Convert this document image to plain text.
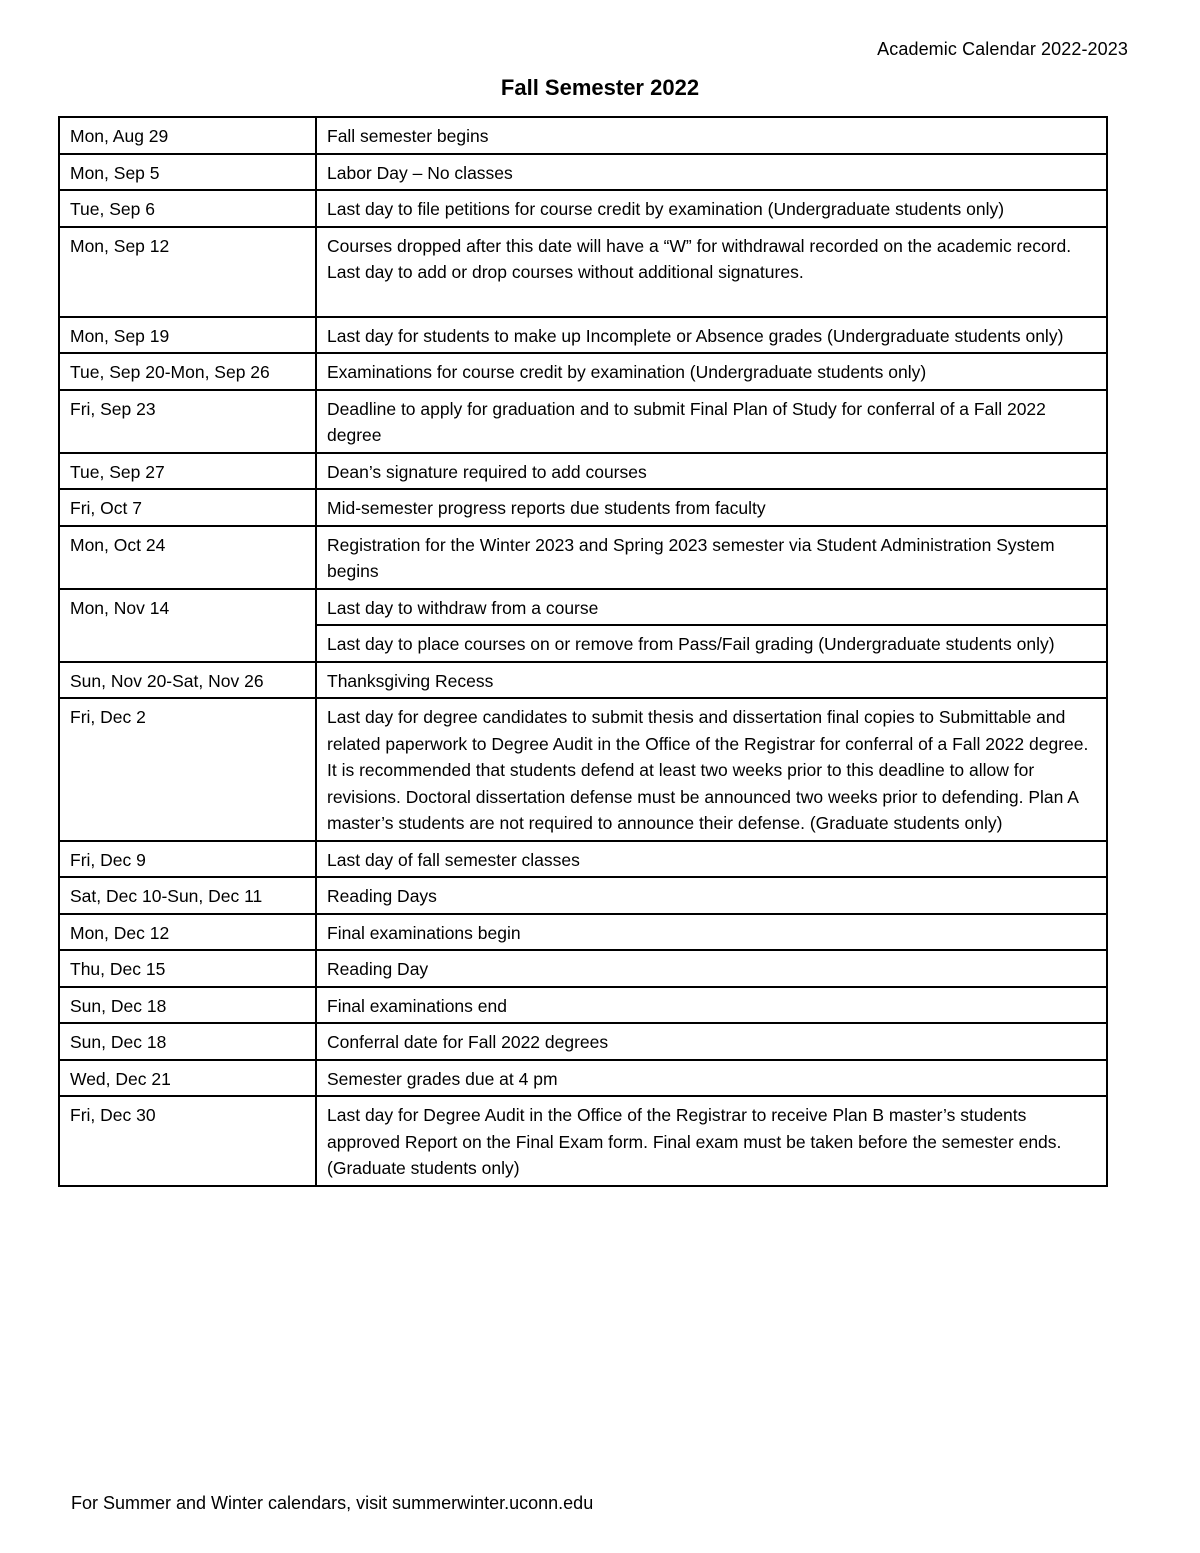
Academic Calendar 2022-2023
Fall Semester 2022
Mon, Aug 29	Fall semester begins
Mon, Sep 5	Labor Day – No classes
Tue, Sep 6	Last day to file petitions for course credit by examination (Undergraduate students only)
Mon, Sep 12	Courses dropped after this date will have a “W” for withdrawal recorded on the academic record. Last day to add or drop courses without additional signatures.
Mon, Sep 19	Last day for students to make up Incomplete or Absence grades (Undergraduate students only)
Tue, Sep 20-Mon, Sep 26	Examinations for course credit by examination (Undergraduate students only)
Fri, Sep 23	Deadline to apply for graduation and to submit Final Plan of Study for conferral of a Fall 2022 degree
Tue, Sep 27	Dean’s signature required to add courses
Fri, Oct 7	Mid-semester progress reports due students from faculty
Mon, Oct 24	Registration for the Winter 2023 and Spring 2023 semester via Student Administration System begins
Mon, Nov 14	Last day to withdraw from a course
	Last day to place courses on or remove from Pass/Fail grading (Undergraduate students only)
Sun, Nov 20-Sat, Nov 26	Thanksgiving Recess
Fri, Dec 2	Last day for degree candidates to submit thesis and dissertation final copies to Submittable and related paperwork to Degree Audit in the Office of the Registrar for conferral of a Fall 2022 degree. It is recommended that students defend at least two weeks prior to this deadline to allow for revisions. Doctoral dissertation defense must be announced two weeks prior to defending. Plan A master’s students are not required to announce their defense. (Graduate students only)
Fri, Dec 9	Last day of fall semester classes
Sat, Dec 10-Sun, Dec 11	Reading Days
Mon, Dec 12	Final examinations begin
Thu, Dec 15	Reading Day
Sun, Dec 18	Final examinations end
Sun, Dec 18	Conferral date for Fall 2022 degrees
Wed, Dec 21	Semester grades due at 4 pm
Fri, Dec 30	Last day for Degree Audit in the Office of the Registrar to receive Plan B master’s students approved Report on the Final Exam form. Final exam must be taken before the semester ends. (Graduate students only)
For Summer and Winter calendars, visit summerwinter.uconn.edu
